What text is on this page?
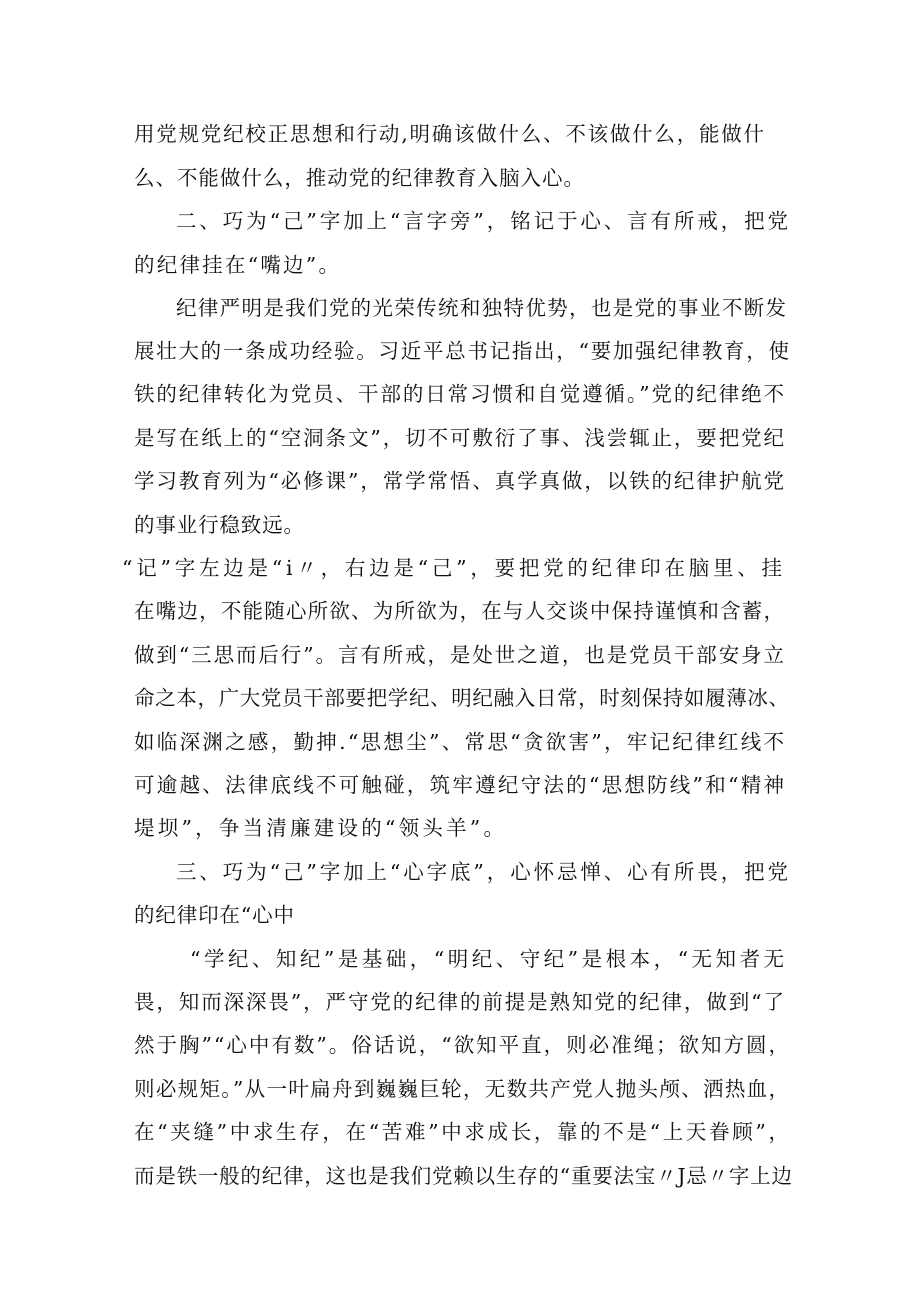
用党规党纪校正思想和行动,明确该做什么、不该做什么，能做什

么、不能做什么，推动党的纪律教育入脑入心。

二、巧为“己”字加上“言字旁”，铭记于心、言有所戒，把党

的纪律挂在“嘴边”。

纪律严明是我们党的光荣传统和独特优势，也是党的事业不断发

展壮大的一条成功经验。习近平总书记指出，“要加强纪律教育，使

铁的纪律转化为党员、干部的日常习惯和自觉遵循。”党的纪律绝不

是写在纸上的“空洞条文”，切不可敷衍了事、浅尝辄止，要把党纪

学习教育列为“必修课”，常学常悟、真学真做，以铁的纪律护航党

的事业行稳致远。

“记”字左边是“i〃，右边是“己”，要把党的纪律印在脑里、挂

在嘴边，不能随心所欲、为所欲为，在与人交谈中保持谨慎和含蓄，

做到“三思而后行”。言有所戒，是处世之道，也是党员干部安身立

命之本，广大党员干部要把学纪、明纪融入日常，时刻保持如履薄冰、

如临深渊之感，勤抻.“思想尘”、常思“贪欲害”，牢记纪律红线不

可逾越、法律底线不可触碰，筑牢遵纪守法的“思想防线”和“精神

堤坝”，争当清廉建设的“领头羊”。

三、巧为“己”字加上“心字底”，心怀忌惮、心有所畏，把党

的纪律印在“心中

“学纪、知纪”是基础，“明纪、守纪”是根本，“无知者无

畏，知而深深畏”，严守党的纪律的前提是熟知党的纪律，做到“了

然于胸”“心中有数”。俗话说，“欲知平直，则必准绳；欲知方圆，

则必规矩。”从一叶扁舟到巍巍巨轮，无数共产党人抛头颅、洒热血，

在“夹缝”中求生存，在“苦难”中求成长，靠的不是“上天眷顾”，

而是铁一般的纪律，这也是我们党赖以生存的“重要法宝〃J忌〃字上边
